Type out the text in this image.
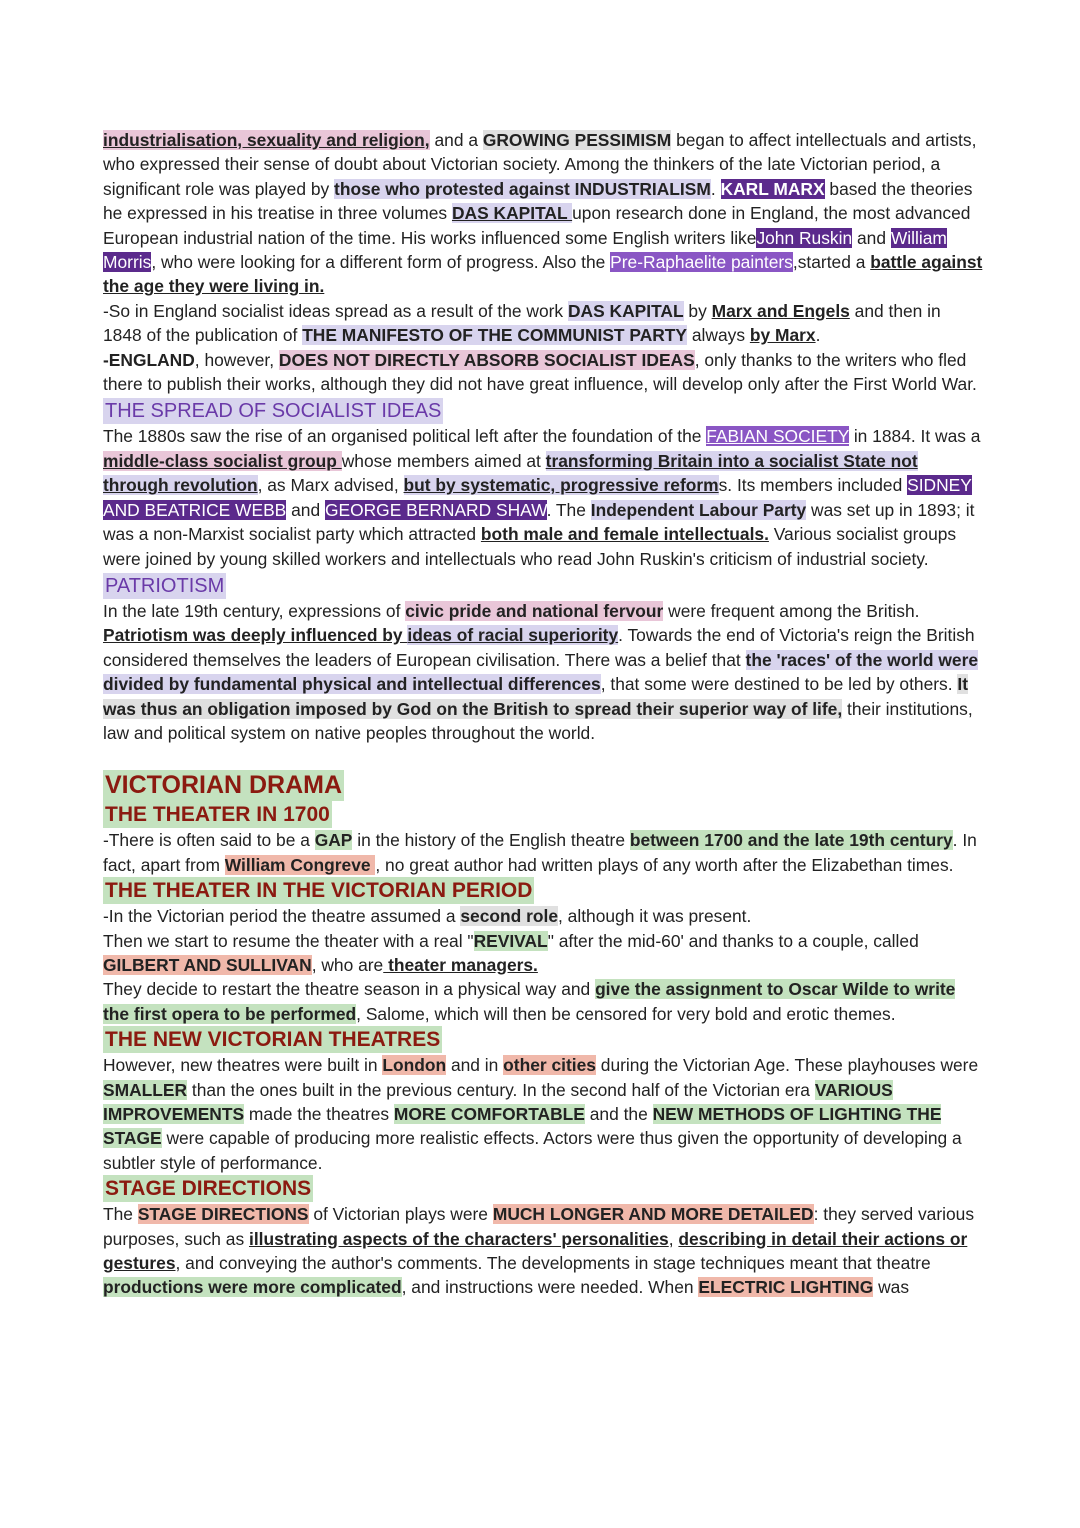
industrialisation, sexuality and religion, and a GROWING PESSIMISM began to affect intellectuals and artists, who expressed their sense of doubt about Victorian society. Among the thinkers of the late Victorian period, a significant role was played by those who protested against INDUSTRIALISM. KARL MARX based the theories he expressed in his treatise in three volumes DAS KAPITAL upon research done in England, the most advanced European industrial nation of the time. His works influenced some English writers likeJohn Ruskin and William Morris, who were looking for a different form of progress. Also the Pre-Raphaelite painters,started a battle against the age they were living in.

-So in England socialist ideas spread as a result of the work DAS KAPITAL by Marx and Engels and then in 1848 of the publication of THE MANIFESTO OF THE COMMUNIST PARTY always by Marx.

-ENGLAND, however, DOES NOT DIRECTLY ABSORB SOCIALIST IDEAS, only thanks to the writers who fled there to publish their works, although they did not have great influence, will develop only after the First World War.

THE SPREAD OF SOCIALIST IDEAS

The 1880s saw the rise of an organised political left after the foundation of the FABIAN SOCIETY in 1884. It was a middle-class socialist group whose members aimed at transforming Britain into a socialist State not through revolution, as Marx advised, but by systematic, progressive reforms. Its members included SIDNEY AND BEATRICE WEBB and GEORGE BERNARD SHAW. The Independent Labour Party was set up in 1893; it was a non-Marxist socialist party which attracted both male and female intellectuals. Various socialist groups were joined by young skilled workers and intellectuals who read John Ruskin's criticism of industrial society.

PATRIOTISM

In the late 19th century, expressions of civic pride and national fervour were frequent among the British. Patriotism was deeply influenced by ideas of racial superiority. Towards the end of Victoria's reign the British considered themselves the leaders of European civilisation. There was a belief that the 'races' of the world were divided by fundamental physical and intellectual differences, that some were destined to be led by others. It was thus an obligation imposed by God on the British to spread their superior way of life, their institutions, law and political system on native peoples throughout the world.

VICTORIAN DRAMA
THE THEATER IN 1700

-There is often said to be a GAP in the history of the English theatre between 1700 and the late 19th century. In fact, apart from William Congreve , no great author had written plays of any worth after the Elizabethan times.

THE THEATER IN THE VICTORIAN PERIOD

-In the Victorian period the theatre assumed a second role, although it was present.

Then we start to resume the theater with a real "REVIVAL" after the mid-60' and thanks to a couple, called GILBERT AND SULLIVAN, who are theater managers.

They decide to restart the theatre season in a physical way and give the assignment to Oscar Wilde to write the first opera to be performed, Salome, which will then be censored for very bold and erotic themes.

THE NEW VICTORIAN THEATRES

However, new theatres were built in London and in other cities during the Victorian Age. These playhouses were SMALLER than the ones built in the previous century. In the second half of the Victorian era VARIOUS IMPROVEMENTS made the theatres MORE COMFORTABLE and the NEW METHODS OF LIGHTING THE STAGE were capable of producing more realistic effects. Actors were thus given the opportunity of developing a subtler style of performance.

STAGE DIRECTIONS

The STAGE DIRECTIONS of Victorian plays were MUCH LONGER AND MORE DETAILED: they served various purposes, such as illustrating aspects of the characters' personalities, describing in detail their actions or gestures, and conveying the author's comments. The developments in stage techniques meant that theatre productions were more complicated, and instructions were needed. When ELECTRIC LIGHTING was
